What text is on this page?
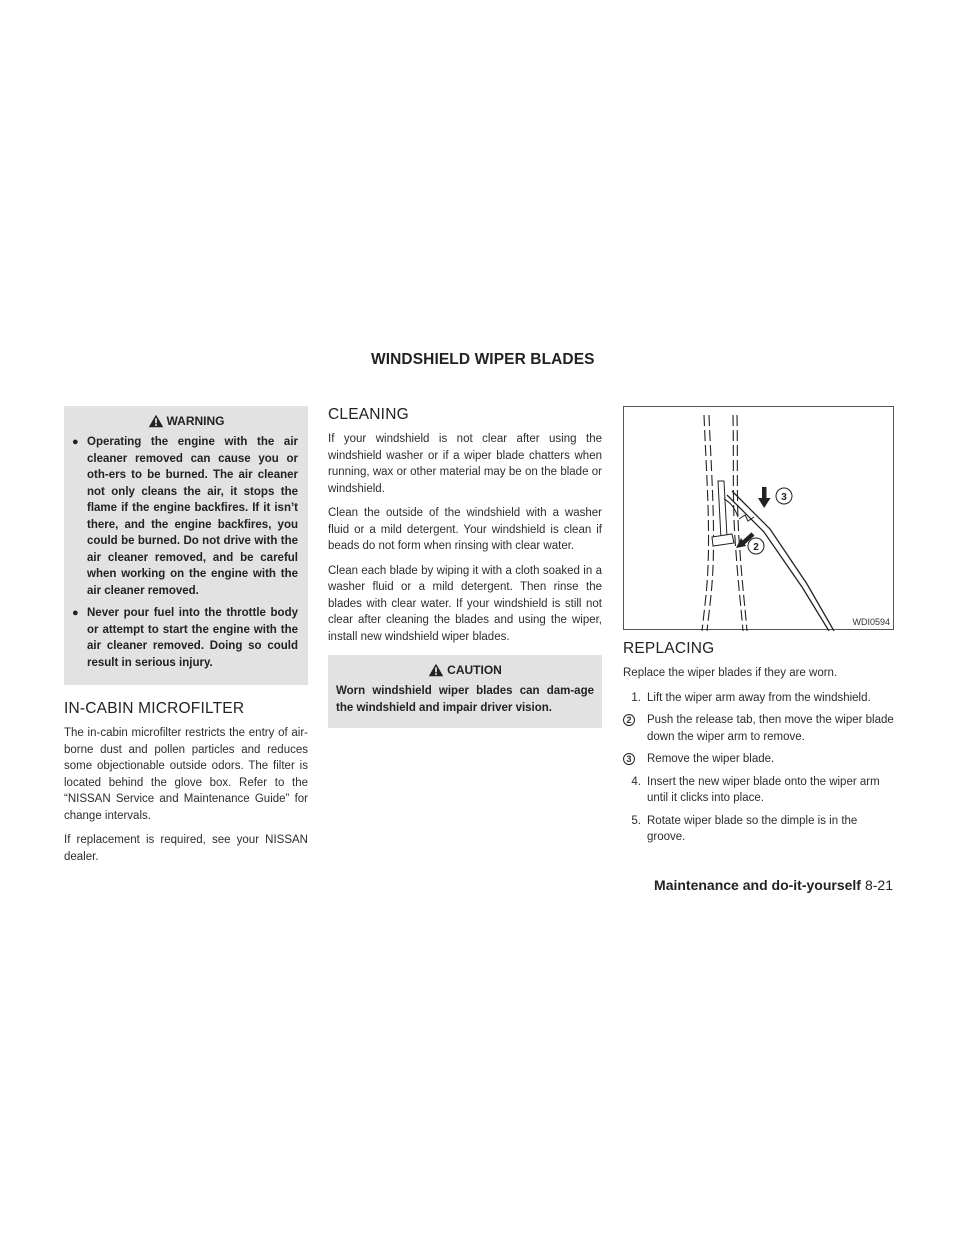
WINDSHIELD WIPER BLADES
WARNING
● Operating the engine with the air cleaner removed can cause you or oth-ers to be burned. The air cleaner not only cleans the air, it stops the flame if the engine backfires. If it isn’t there, and the engine backfires, you could be burned. Do not drive with the air cleaner removed, and be careful when working on the engine with the air cleaner removed.
● Never pour fuel into the throttle body or attempt to start the engine with the air cleaner removed. Doing so could result in serious injury.
IN-CABIN MICROFILTER

The in-cabin microfilter restricts the entry of air-borne dust and pollen particles and reduces some objectionable outside odors. The filter is located behind the glove box. Refer to the “NISSAN Service and Maintenance Guide” for change intervals.

If replacement is required, see your NISSAN dealer.

CLEANING

If your windshield is not clear after using the windshield washer or if a wiper blade chatters when running, wax or other material may be on the blade or windshield.

Clean the outside of the windshield with a washer fluid or a mild detergent. Your windshield is clean if beads do not form when rinsing with clear water.

Clean each blade by wiping it with a cloth soaked in a washer fluid or a mild detergent. Then rinse the blades with clear water. If your windshield is still not clear after cleaning the blades and using the wiper, install new windshield wiper blades.

CAUTION

Worn windshield wiper blades can dam-age the windshield and impair driver vision.

3
2
WDI0594
REPLACING

Replace the wiper blades if they are worn.

1. Lift the wiper arm away from the windshield.
2	Push the release tab, then move the wiper blade down the wiper arm to remove.
3	Remove the wiper blade.
4. Insert the new wiper blade onto the wiper arm until it clicks into place.
5. Rotate wiper blade so the dimple is in the groove.
Maintenance and do-it-yourself 8-21
